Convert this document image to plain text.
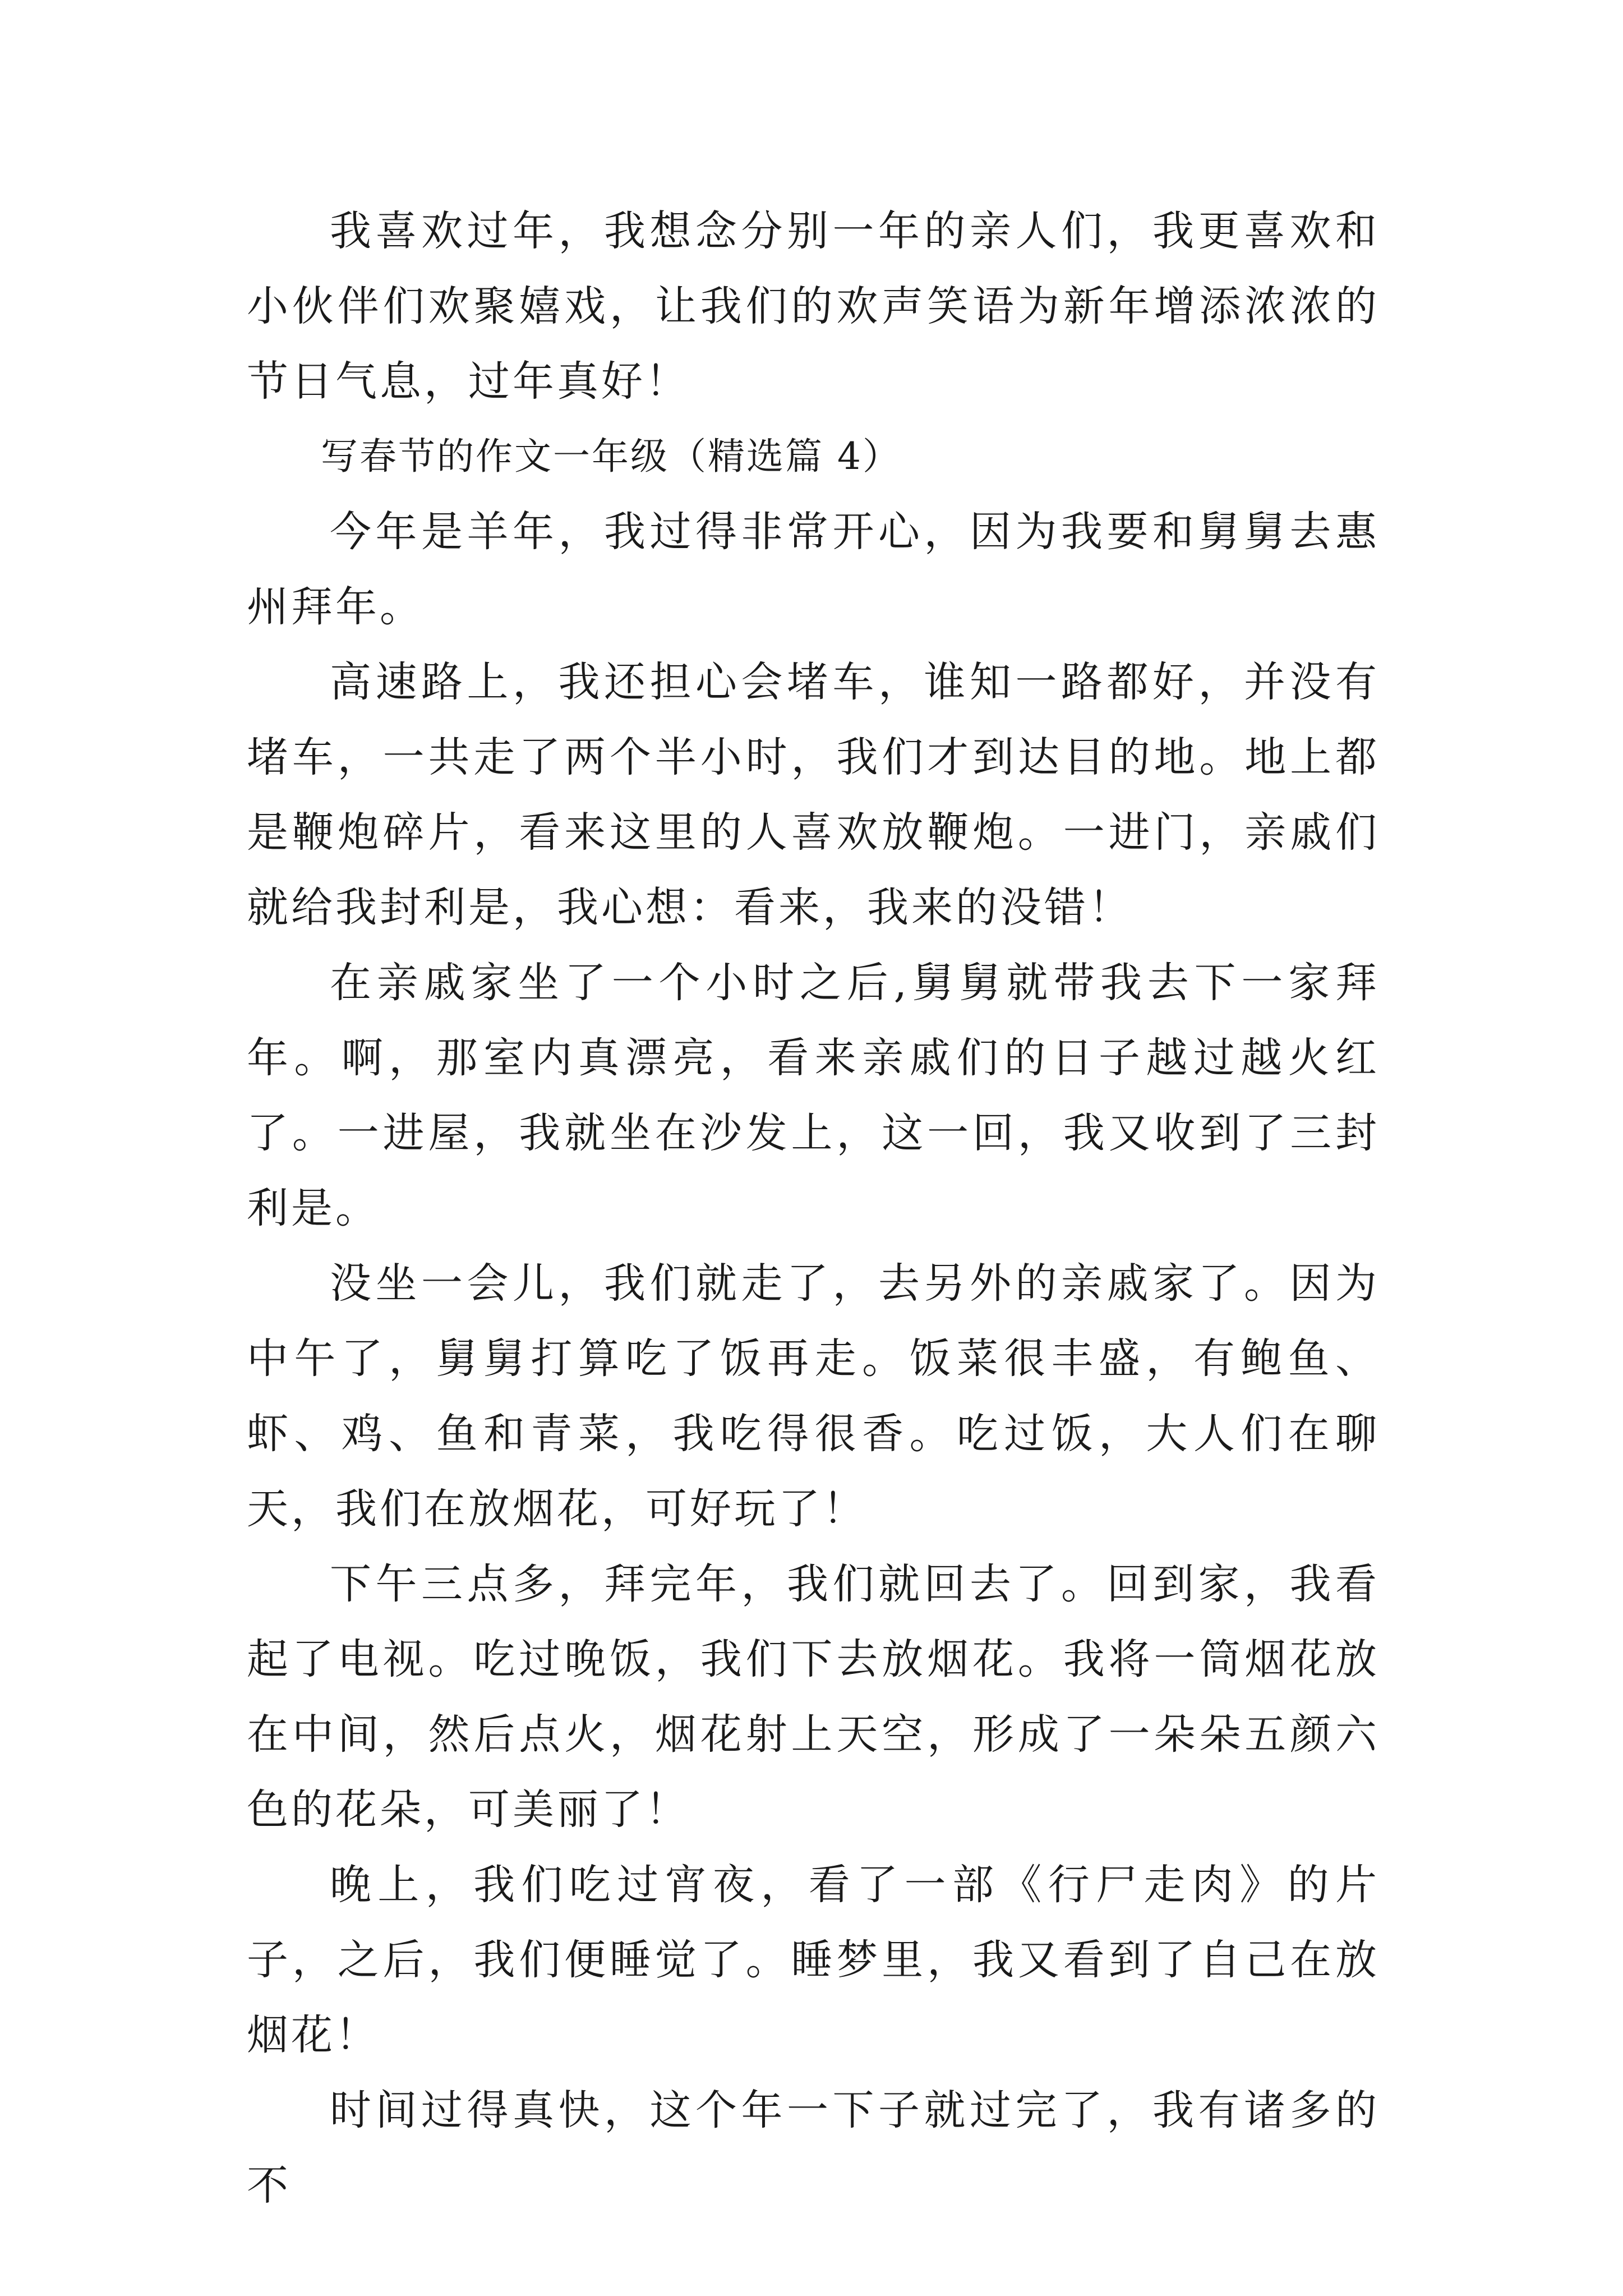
我喜欢过年，我想念分别一年的亲人们，我更喜欢和小伙伴们欢聚嬉戏，让我们的欢声笑语为新年增添浓浓的节日气息，过年真好！

写春节的作文一年级（精选篇 4）

今年是羊年，我过得非常开心，因为我要和舅舅去惠州拜年。

高速路上，我还担心会堵车，谁知一路都好，并没有堵车，一共走了两个半小时，我们才到达目的地。地上都是鞭炮碎片，看来这里的人喜欢放鞭炮。一进门，亲戚们就给我封利是，我心想：看来，我来的没错！

在亲戚家坐了一个小时之后,舅舅就带我去下一家拜年。啊，那室内真漂亮，看来亲戚们的日子越过越火红了。一进屋，我就坐在沙发上，这一回，我又收到了三封利是。

没坐一会儿，我们就走了，去另外的亲戚家了。因为中午了，舅舅打算吃了饭再走。饭菜很丰盛，有鲍鱼、虾、鸡、鱼和青菜，我吃得很香。吃过饭，大人们在聊天，我们在放烟花，可好玩了！

下午三点多，拜完年，我们就回去了。回到家，我看起了电视。吃过晚饭，我们下去放烟花。我将一筒烟花放在中间，然后点火，烟花射上天空，形成了一朵朵五颜六色的花朵，可美丽了！

晚上，我们吃过宵夜，看了一部《行尸走肉》的片子，之后，我们便睡觉了。睡梦里，我又看到了自己在放烟花！

时间过得真快，这个年一下子就过完了，我有诸多的不
